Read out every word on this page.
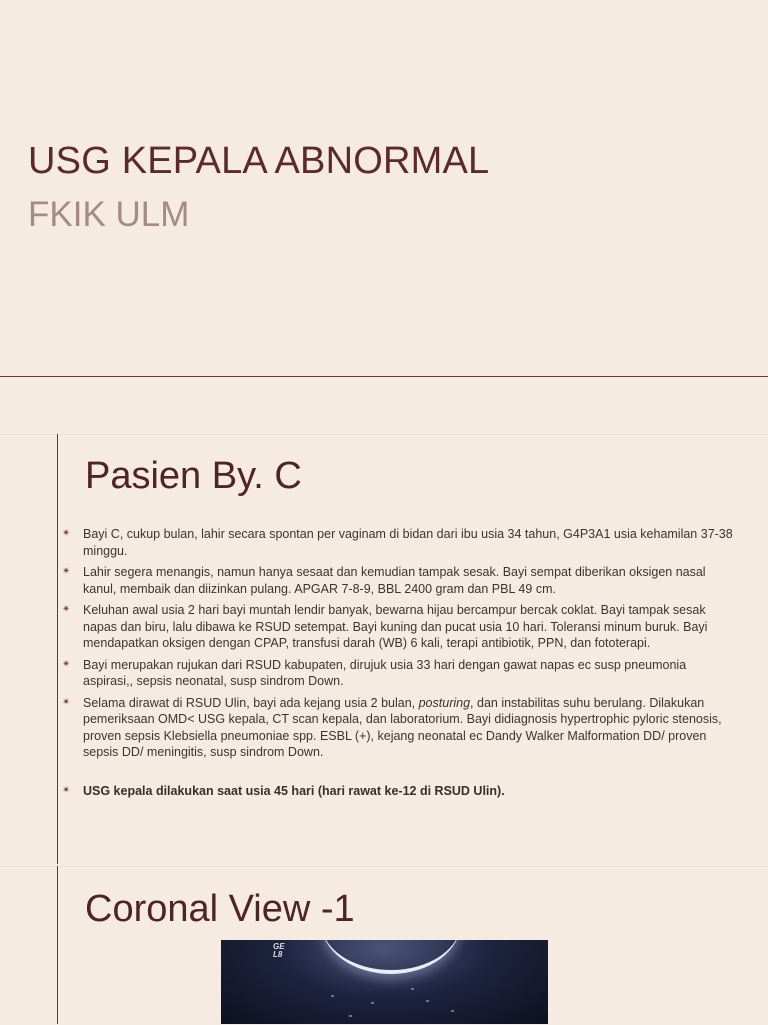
USG KEPALA ABNORMAL
FKIK ULM
Pasien By. C
✴ Bayi C, cukup bulan, lahir secara spontan per vaginam di bidan dari ibu usia 34 tahun, G4P3A1 usia kehamilan 37-38 minggu.
✴ Lahir segera menangis, namun hanya sesaat dan kemudian tampak sesak. Bayi sempat diberikan oksigen nasal kanul, membaik dan diizinkan pulang. APGAR 7-8-9, BBL 2400 gram dan PBL 49 cm.
✴ Keluhan awal usia 2 hari bayi muntah lendir banyak, bewarna hijau bercampur bercak coklat. Bayi tampak sesak napas dan biru, lalu dibawa ke RSUD setempat. Bayi kuning dan pucat usia 10 hari. Toleransi minum buruk. Bayi mendapatkan oksigen dengan CPAP, transfusi darah (WB) 6 kali, terapi antibiotik, PPN, dan fototerapi.
✴ Bayi merupakan rujukan dari RSUD kabupaten, dirujuk usia 33 hari dengan gawat napas ec susp pneumonia aspirasi,, sepsis neonatal, susp sindrom Down.
✴ Selama dirawat di RSUD Ulin, bayi ada kejang usia 2 bulan, posturing, dan instabilitas suhu berulang. Dilakukan pemeriksaan OMD< USG kepala, CT scan kepala, dan laboratorium. Bayi didiagnosis hypertrophic pyloric stenosis, proven sepsis Klebsiella pneumoniae spp. ESBL (+), kejang neonatal ec Dandy Walker Malformation DD/ proven sepsis DD/ meningitis, susp sindrom Down.
✴ USG kepala dilakukan saat usia 45 hari (hari rawat ke-12 di RSUD Ulin).
Coronal View -1
GE
L8
